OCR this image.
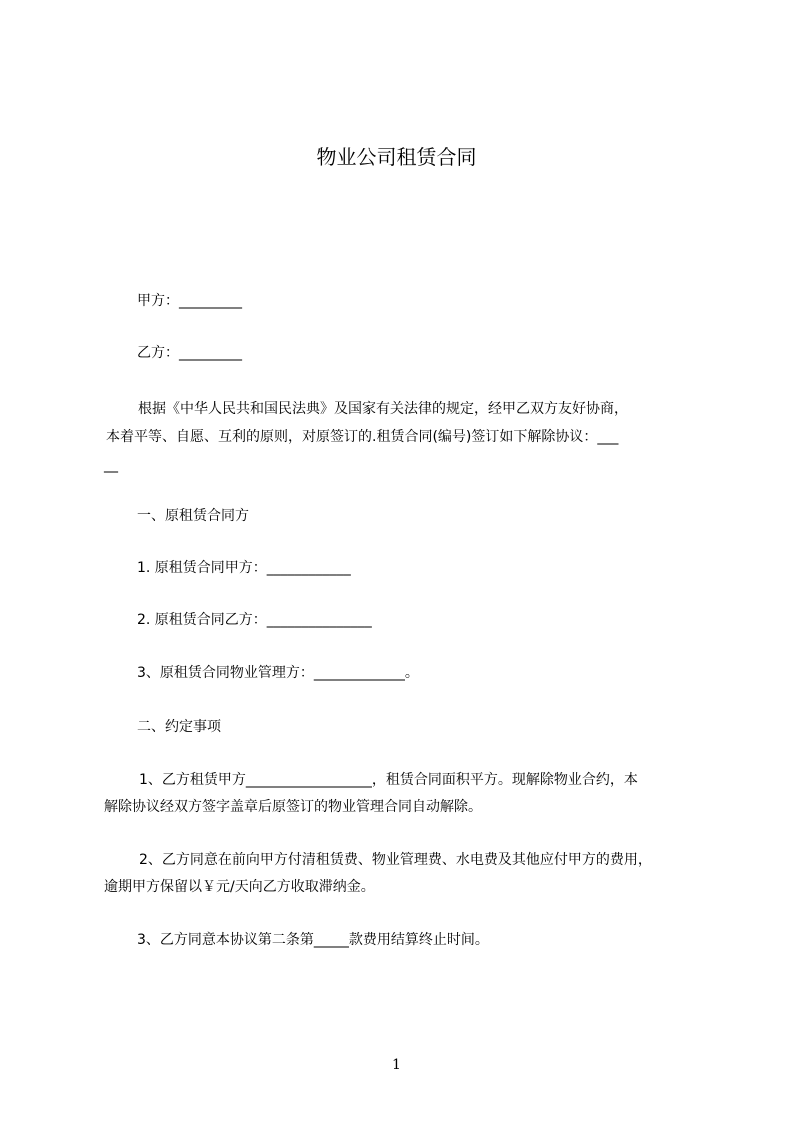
物业公司租赁合同
甲方：_________
乙方：_________
根据《中华人民共和国民法典》及国家有关法律的规定，经甲乙双方友好协商，
本着平等、自愿、互利的原则，对原签订的.租赁合同(编号)签订如下解除协议：___
__
一、原租赁合同方
1. 原租赁合同甲方：____________
2. 原租赁合同乙方：_______________
3、原租赁合同物业管理方：_____________。
二、约定事项
1、乙方租赁甲方__________________，租赁合同面积平方。现解除物业合约，本
解除协议经双方签字盖章后原签订的物业管理合同自动解除。
2、乙方同意在前向甲方付清租赁费、物业管理费、水电费及其他应付甲方的费用，
逾期甲方保留以￥元/天向乙方收取滞纳金。
3、乙方同意本协议第二条第_____款费用结算终止时间。
1
